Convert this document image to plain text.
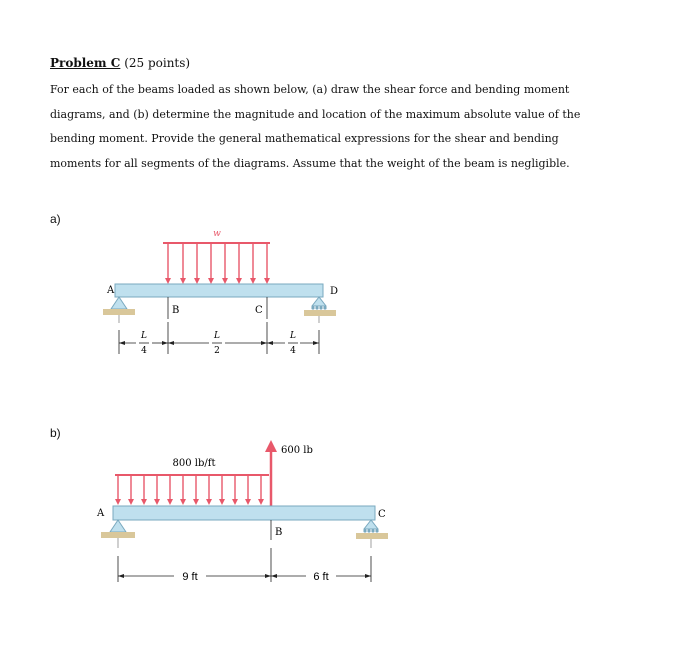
Problem C (25 points)
For each of the beams loaded as shown below, (a) draw the shear force and bending moment
diagrams, and (b) determine the magnitude and location of the maximum absolute value of the
bending moment. Provide the general mathematical expressions for the shear and bending
moments for all segments of the diagrams. Assume that the weight of the beam is negligible.
a)
b)
w
A	D
B	C
L
4
L
2
L
4
800 lb/ft
600 lb
A	C
B
9 ft	6 ft
